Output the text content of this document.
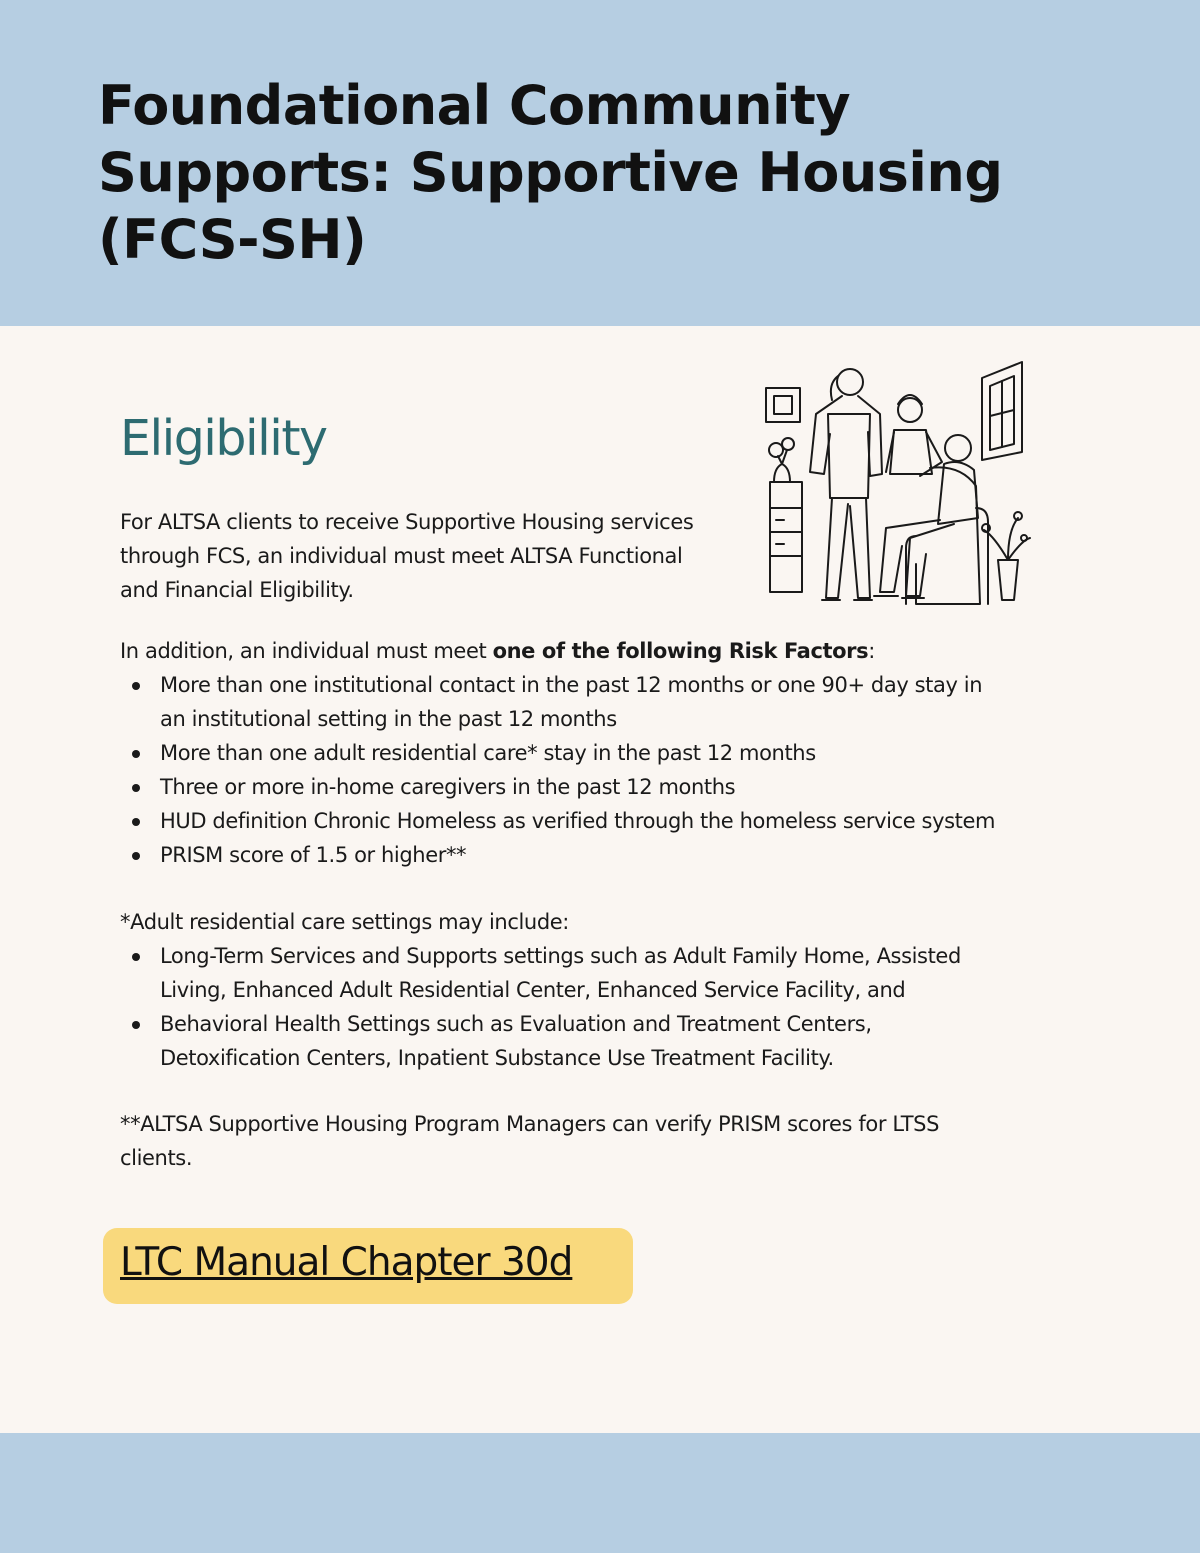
Foundational Community
Supports: Supportive Housing
(FCS-SH)
Eligibility

For ALTSA clients to receive Supportive Housing services
through FCS, an individual must meet ALTSA Functional
and Financial Eligibility.

In addition, an individual must meet one of the following Risk Factors:

More than one institutional contact in the past 12 months or one 90+ day stay in
an institutional setting in the past 12 months
More than one adult residential care* stay in the past 12 months
Three or more in-home caregivers in the past 12 months
HUD definition Chronic Homeless as verified through the homeless service system
PRISM score of 1.5 or higher**

*Adult residential care settings may include:

Long-Term Services and Supports settings such as Adult Family Home, Assisted
Living, Enhanced Adult Residential Center, Enhanced Service Facility, and
Behavioral Health Settings such as Evaluation and Treatment Centers,
Detoxification Centers, Inpatient Substance Use Treatment Facility.

**ALTSA Supportive Housing Program Managers can verify PRISM scores for LTSS
clients.

LTC Manual Chapter 30d
